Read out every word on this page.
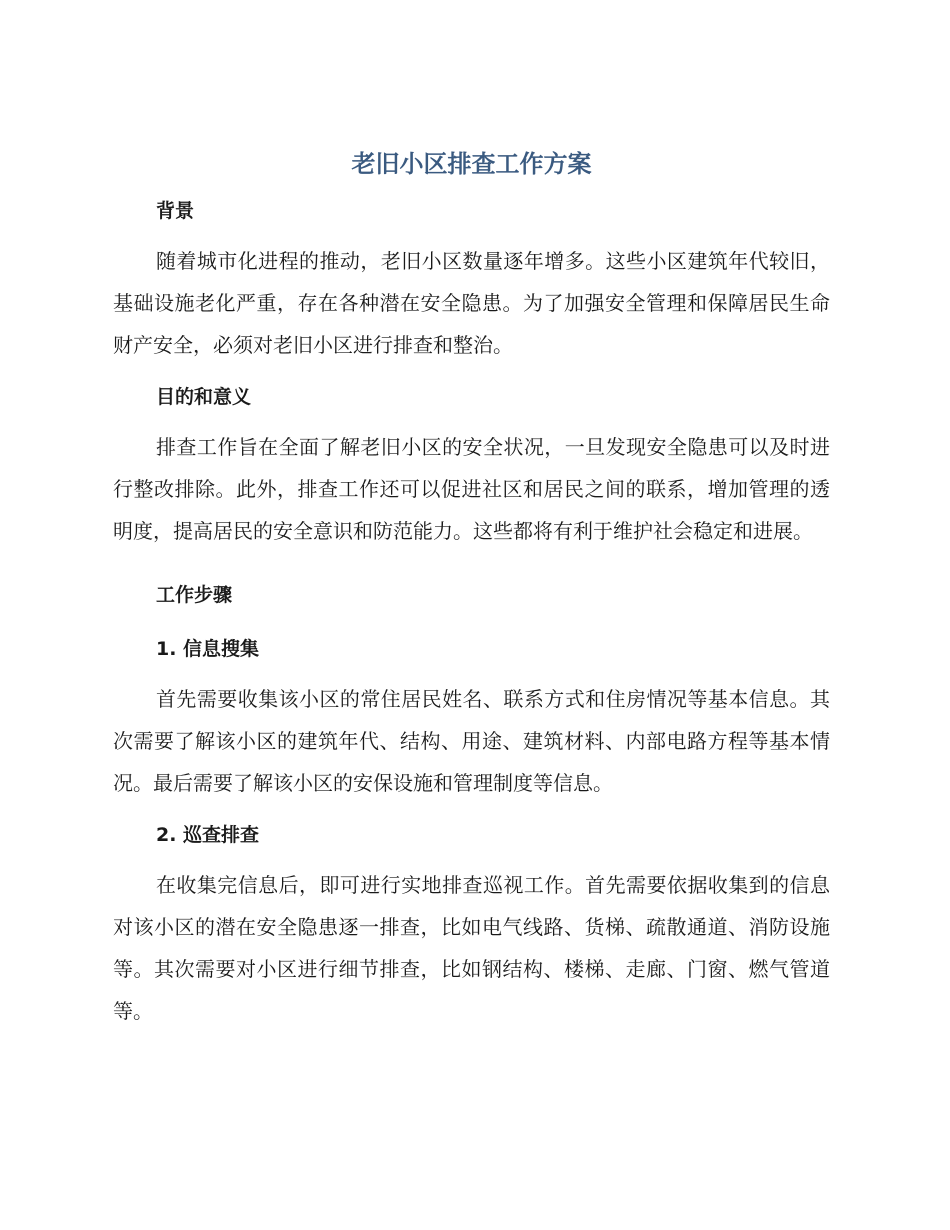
老旧小区排查工作方案
背景

随着城市化进程的推动，老旧小区数量逐年增多。这些小区建筑年代较旧，基础设施老化严重，存在各种潜在安全隐患。为了加强安全管理和保障居民生命财产安全，必须对老旧小区进行排查和整治。

目的和意义

排查工作旨在全面了解老旧小区的安全状况，一旦发现安全隐患可以及时进行整改排除。此外，排查工作还可以促进社区和居民之间的联系，增加管理的透明度，提高居民的安全意识和防范能力。这些都将有利于维护社会稳定和进展。

工作步骤
1. 信息搜集

首先需要收集该小区的常住居民姓名、联系方式和住房情况等基本信息。其次需要了解该小区的建筑年代、结构、用途、建筑材料、内部电路方程等基本情况。最后需要了解该小区的安保设施和管理制度等信息。

2. 巡查排查

在收集完信息后，即可进行实地排查巡视工作。首先需要依据收集到的信息对该小区的潜在安全隐患逐一排查，比如电气线路、货梯、疏散通道、消防设施等。其次需要对小区进行细节排查，比如钢结构、楼梯、走廊、门窗、燃气管道等。
